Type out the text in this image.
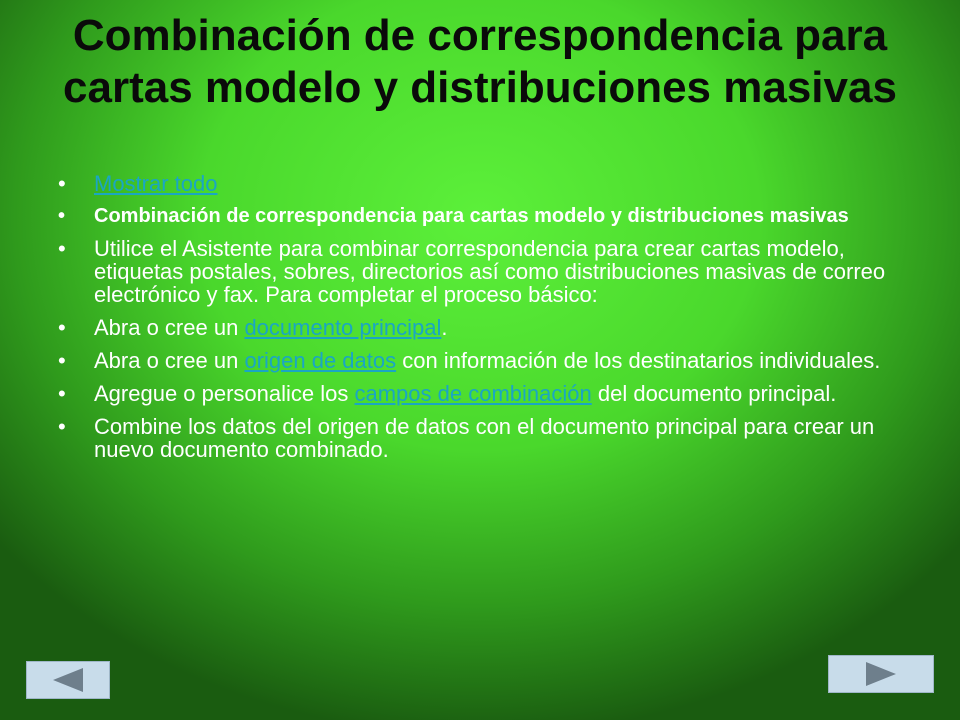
Combinación de correspondencia para cartas modelo y distribuciones masivas
• Mostrar todo
• Combinación de correspondencia para cartas modelo y distribuciones masivas
• Utilice el Asistente para combinar correspondencia para crear cartas modelo, etiquetas postales, sobres, directorios así como distribuciones masivas de correo electrónico y fax. Para completar el proceso básico:
• Abra o cree un documento principal.
• Abra o cree un origen de datos con información de los destinatarios individuales.
• Agregue o personalice los campos de combinación del documento principal.
• Combine los datos del origen de datos con el documento principal para crear un nuevo documento combinado.
